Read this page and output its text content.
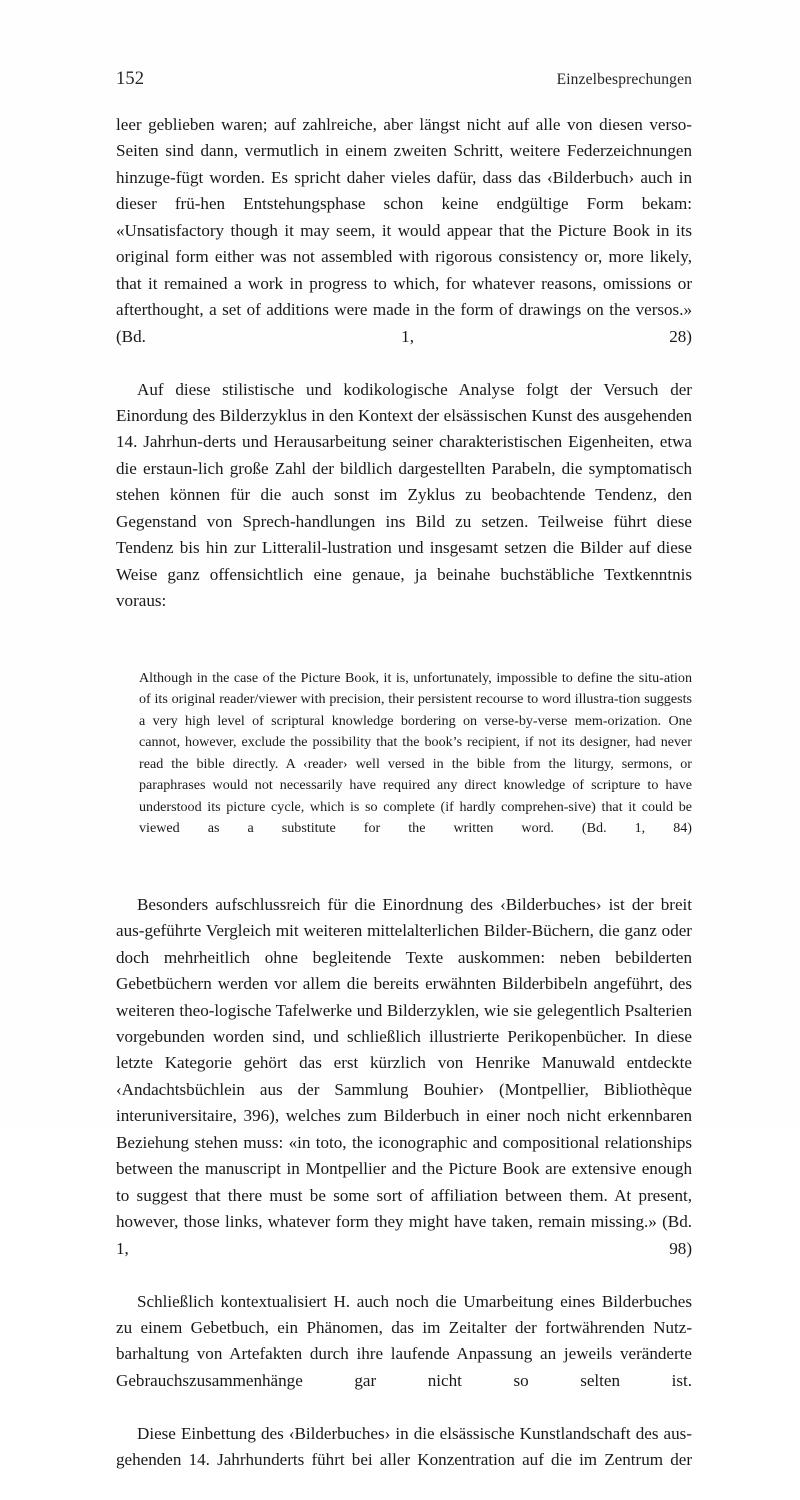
152	Einzelbesprechungen

leer geblieben waren; auf zahlreiche, aber längst nicht auf alle von diesen verso-Seiten sind dann, vermutlich in einem zweiten Schritt, weitere Federzeichnungen hinzuge-fügt worden. Es spricht daher vieles dafür, dass das ‹Bilderbuch› auch in dieser frü-hen Entstehungsphase schon keine endgültige Form bekam: «Unsatisfactory though it may seem, it would appear that the Picture Book in its original form either was not assembled with rigorous consistency or, more likely, that it remained a work in progress to which, for whatever reasons, omissions or afterthought, a set of additions were made in the form of drawings on the versos.» (Bd. 1, 28)

Auf diese stilistische und kodikologische Analyse folgt der Versuch der Einordung des Bilderzyklus in den Kontext der elsässischen Kunst des ausgehenden 14. Jahrhun-derts und Herausarbeitung seiner charakteristischen Eigenheiten, etwa die erstaun-lich große Zahl der bildlich dargestellten Parabeln, die symptomatisch stehen können für die auch sonst im Zyklus zu beobachtende Tendenz, den Gegenstand von Sprech-handlungen ins Bild zu setzen. Teilweise führt diese Tendenz bis hin zur Litteralil-lustration und insgesamt setzen die Bilder auf diese Weise ganz offensichtlich eine genaue, ja beinahe buchstäbliche Textkenntnis voraus:

Although in the case of the Picture Book, it is, unfortunately, impossible to define the situ-ation of its original reader/viewer with precision, their persistent recourse to word illustra-tion suggests a very high level of scriptural knowledge bordering on verse-by-verse mem-orization. One cannot, however, exclude the possibility that the book’s recipient, if not its designer, had never read the bible directly. A ‹reader› well versed in the bible from the liturgy, sermons, or paraphrases would not necessarily have required any direct knowledge of scripture to have understood its picture cycle, which is so complete (if hardly comprehen-sive) that it could be viewed as a substitute for the written word. (Bd. 1, 84)

Besonders aufschlussreich für die Einordnung des ‹Bilderbuches› ist der breit aus-geführte Vergleich mit weiteren mittelalterlichen Bilder-Büchern, die ganz oder doch mehrheitlich ohne begleitende Texte auskommen: neben bebilderten Gebetbüchern werden vor allem die bereits erwähnten Bilderbibeln angeführt, des weiteren theo-logische Tafelwerke und Bilderzyklen, wie sie gelegentlich Psalterien vorgebunden worden sind, und schließlich illustrierte Perikopenbücher. In diese letzte Kategorie gehört das erst kürzlich von Henrike Manuwald entdeckte ‹Andachtsbüchlein aus der Sammlung Bouhier› (Montpellier, Bibliothèque interuniversitaire, 396), welches zum Bilderbuch in einer noch nicht erkennbaren Beziehung stehen muss: «in toto, the iconographic and compositional relationships between the manuscript in Montpellier and the Picture Book are extensive enough to suggest that there must be some sort of affiliation between them. At present, however, those links, whatever form they might have taken, remain missing.» (Bd. 1, 98)

Schließlich kontextualisiert H. auch noch die Umarbeitung eines Bilderbuches zu einem Gebetbuch, ein Phänomen, das im Zeitalter der fortwährenden Nutz-barhaltung von Artefakten durch ihre laufende Anpassung an jeweils veränderte Gebrauchszusammenhänge gar nicht so selten ist.

Diese Einbettung des ‹Bilderbuches› in die elsässische Kunstlandschaft des aus-gehenden 14. Jahrhunderts führt bei aller Konzentration auf die im Zentrum der
